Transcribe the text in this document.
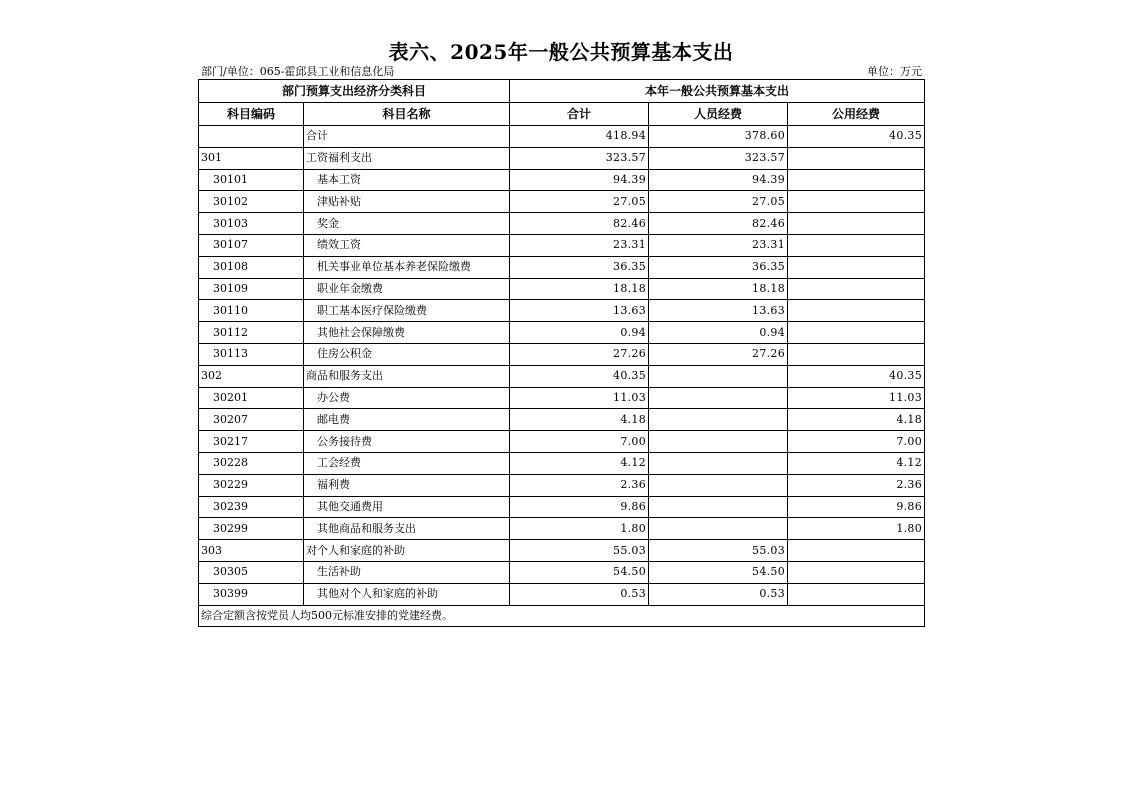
表六、2025年一般公共预算基本支出
部门/单位：065-霍邱县工业和信息化局	单位：万元
部门预算支出经济分类科目		本年一般公共预算基本支出		
科目编码	科目名称	合计	人员经费	公用经费
	合计	418.94	378.60	40.35
301	工资福利支出	323.57	323.57	
30101	基本工资	94.39	94.39	
30102	津贴补贴	27.05	27.05	
30103	奖金	82.46	82.46	
30107	绩效工资	23.31	23.31	
30108	机关事业单位基本养老保险缴费	36.35	36.35	
30109	职业年金缴费	18.18	18.18	
30110	职工基本医疗保险缴费	13.63	13.63	
30112	其他社会保障缴费	0.94	0.94	
30113	住房公积金	27.26	27.26	
302	商品和服务支出	40.35		40.35
30201	办公费	11.03		11.03
30207	邮电费	4.18		4.18
30217	公务接待费	7.00		7.00
30228	工会经费	4.12		4.12
30229	福利费	2.36		2.36
30239	其他交通费用	9.86		9.86
30299	其他商品和服务支出	1.80		1.80
303	对个人和家庭的补助	55.03	55.03	
30305	生活补助	54.50	54.50	
30399	其他对个人和家庭的补助	0.53	0.53	
综合定额含按党员人均500元标准安排的党建经费。				
